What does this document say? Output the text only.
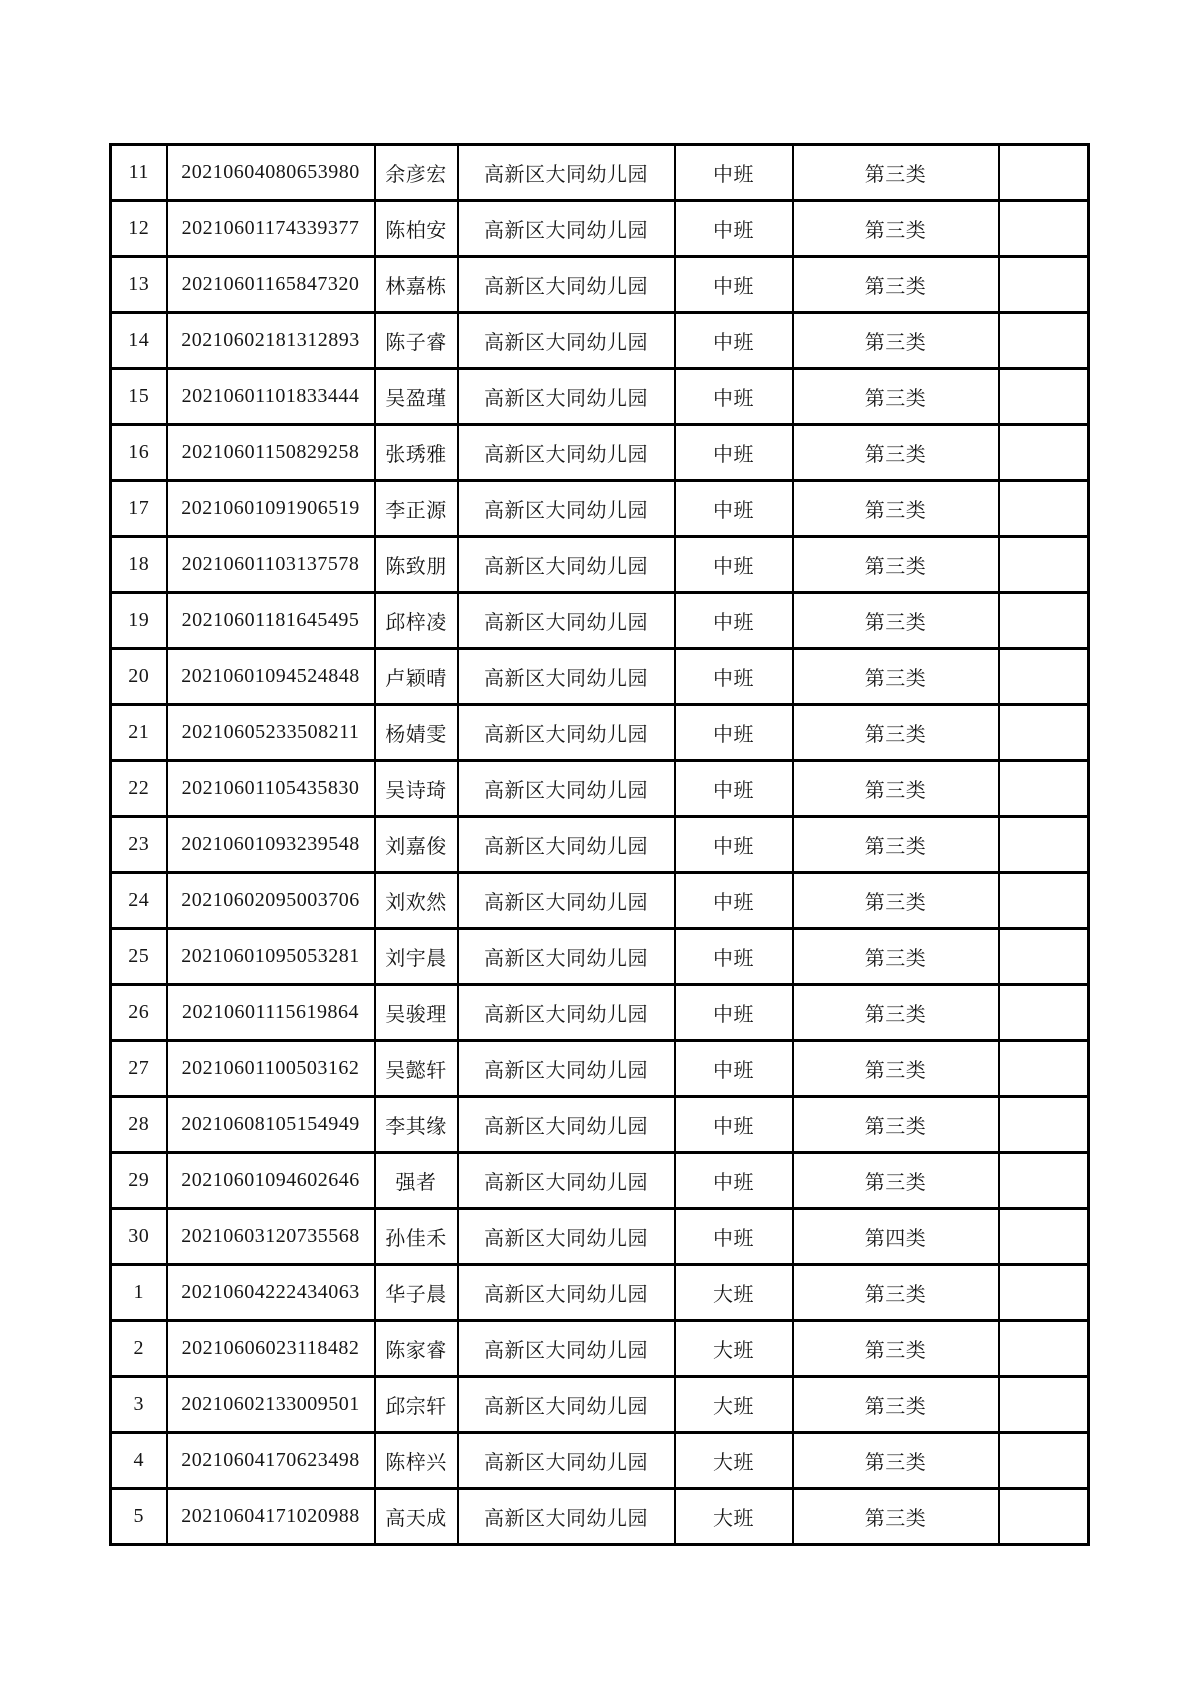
11	20210604080653980	余彦宏	高新区大同幼儿园	中班	第三类	
12	20210601174339377	陈柏安	高新区大同幼儿园	中班	第三类	
13	20210601165847320	林嘉栋	高新区大同幼儿园	中班	第三类	
14	20210602181312893	陈子睿	高新区大同幼儿园	中班	第三类	
15	20210601101833444	吴盈瑾	高新区大同幼儿园	中班	第三类	
16	20210601150829258	张琇雅	高新区大同幼儿园	中班	第三类	
17	20210601091906519	李正源	高新区大同幼儿园	中班	第三类	
18	20210601103137578	陈致朋	高新区大同幼儿园	中班	第三类	
19	20210601181645495	邱梓凌	高新区大同幼儿园	中班	第三类	
20	20210601094524848	卢颖晴	高新区大同幼儿园	中班	第三类	
21	20210605233508211	杨婧雯	高新区大同幼儿园	中班	第三类	
22	20210601105435830	吴诗琦	高新区大同幼儿园	中班	第三类	
23	20210601093239548	刘嘉俊	高新区大同幼儿园	中班	第三类	
24	20210602095003706	刘欢然	高新区大同幼儿园	中班	第三类	
25	20210601095053281	刘宇晨	高新区大同幼儿园	中班	第三类	
26	20210601115619864	吴骏理	高新区大同幼儿园	中班	第三类	
27	20210601100503162	吴懿轩	高新区大同幼儿园	中班	第三类	
28	20210608105154949	李其缘	高新区大同幼儿园	中班	第三类	
29	20210601094602646	强者	高新区大同幼儿园	中班	第三类	
30	20210603120735568	孙佳禾	高新区大同幼儿园	中班	第四类	
1	20210604222434063	华子晨	高新区大同幼儿园	大班	第三类	
2	20210606023118482	陈家睿	高新区大同幼儿园	大班	第三类	
3	20210602133009501	邱宗轩	高新区大同幼儿园	大班	第三类	
4	20210604170623498	陈梓兴	高新区大同幼儿园	大班	第三类	
5	20210604171020988	高天成	高新区大同幼儿园	大班	第三类	
